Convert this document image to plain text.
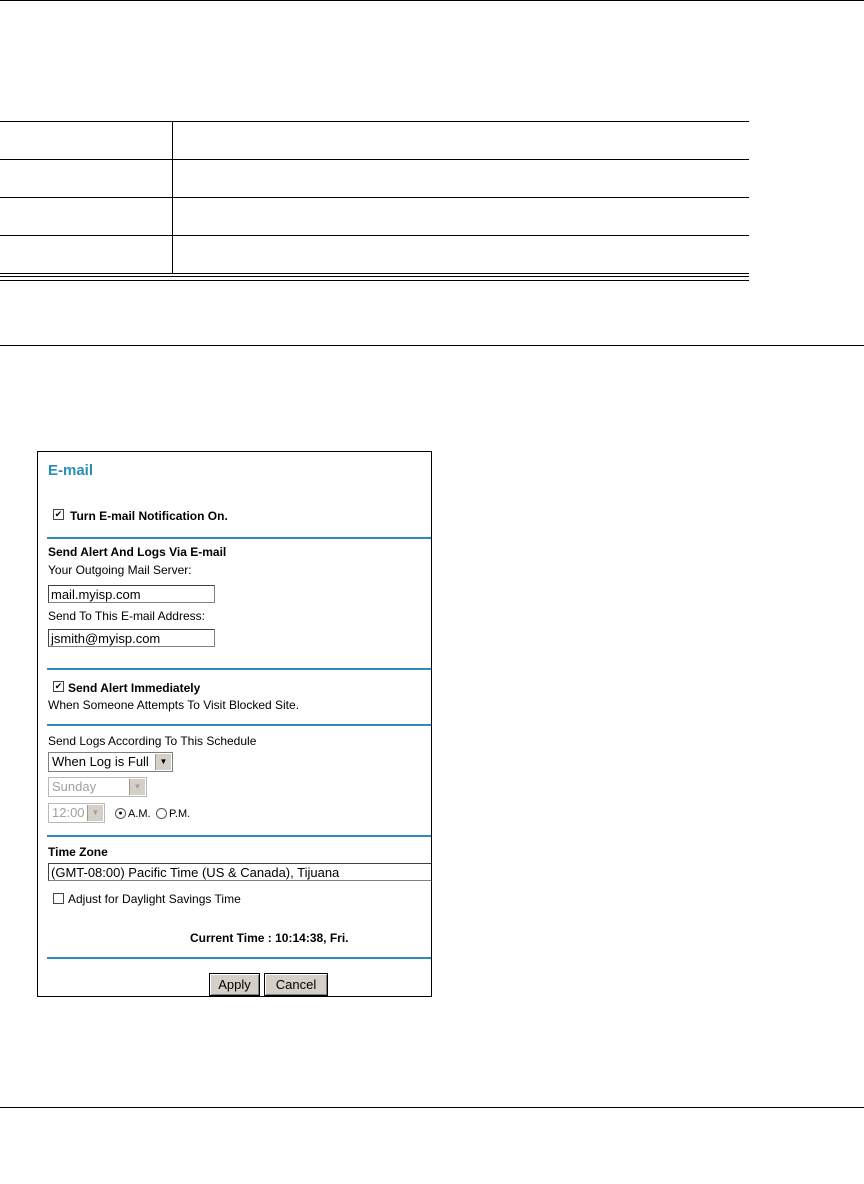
E-mail
✔ Turn E-mail Notification On.
Send Alert And Logs Via E-mail
Your Outgoing Mail Server:
mail.myisp.com
Send To This E-mail Address:
jsmith@myisp.com
✔ Send Alert Immediately
When Someone Attempts To Visit Blocked Site.
Send Logs According To This Schedule
When Log is Full	▼
Sunday	▼
12:00 ▼	● A.M. P.M.
Time Zone
(GMT-08:00) Pacific Time (US & Canada), Tijuana
Adjust for Daylight Savings Time
Current Time : 10:14:38, Fri.
Apply	Cancel
